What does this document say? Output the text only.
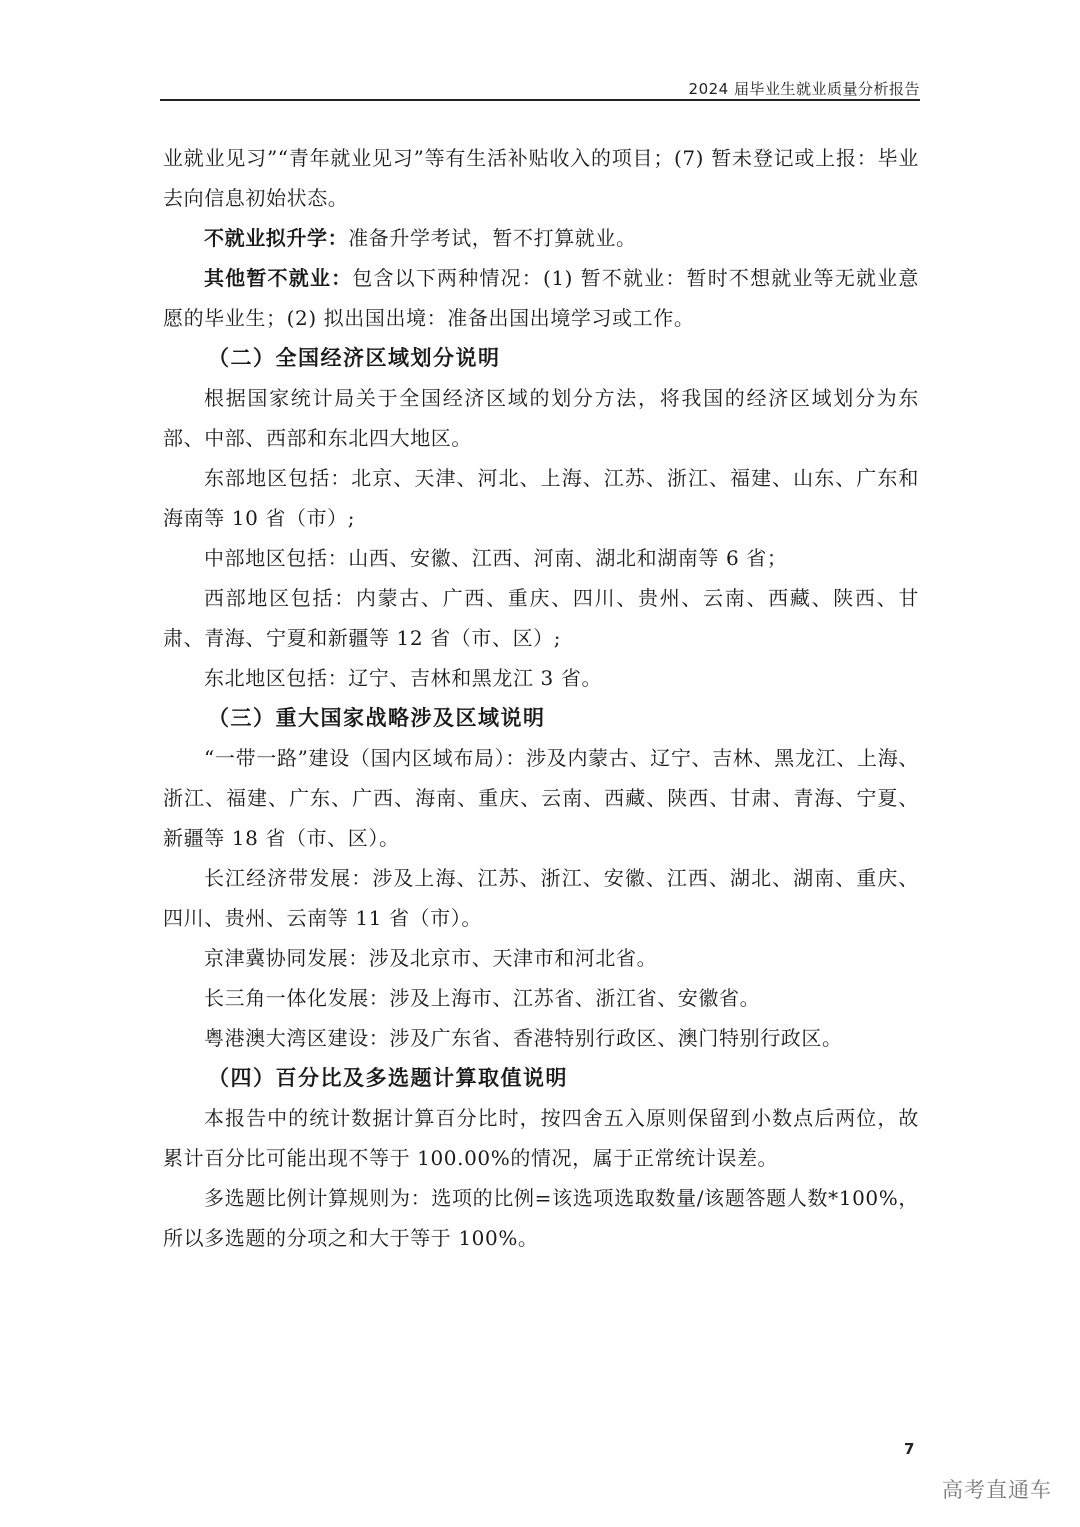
2024 届毕业生就业质量分析报告

业就业见习”“青年就业见习”等有生活补贴收入的项目；(7) 暂未登记或上报：毕业去向信息初始状态。

不就业拟升学：准备升学考试，暂不打算就业。

其他暂不就业：包含以下两种情况：(1) 暂不就业：暂时不想就业等无就业意愿的毕业生；(2) 拟出国出境：准备出国出境学习或工作。

（二）全国经济区域划分说明

根据国家统计局关于全国经济区域的划分方法，将我国的经济区域划分为东部、中部、西部和东北四大地区。

东部地区包括：北京、天津、河北、上海、江苏、浙江、福建、山东、广东和海南等 10 省（市）;

中部地区包括：山西、安徽、江西、河南、湖北和湖南等 6 省；

西部地区包括：内蒙古、广西、重庆、四川、贵州、云南、西藏、陕西、甘肃、青海、宁夏和新疆等 12 省（市、区）;

东北地区包括：辽宁、吉林和黑龙江 3 省。

（三）重大国家战略涉及区域说明

“一带一路”建设（国内区域布局）：涉及内蒙古、辽宁、吉林、黑龙江、上海、浙江、福建、广东、广西、海南、重庆、云南、西藏、陕西、甘肃、青海、宁夏、新疆等 18 省（市、区）。

长江经济带发展：涉及上海、江苏、浙江、安徽、江西、湖北、湖南、重庆、四川、贵州、云南等 11 省（市）。

京津冀协同发展：涉及北京市、天津市和河北省。

长三角一体化发展：涉及上海市、江苏省、浙江省、安徽省。

粤港澳大湾区建设：涉及广东省、香港特别行政区、澳门特别行政区。

（四）百分比及多选题计算取值说明

本报告中的统计数据计算百分比时，按四舍五入原则保留到小数点后两位，故累计百分比可能出现不等于 100.00%的情况，属于正常统计误差。

多选题比例计算规则为：选项的比例=该选项选取数量/该题答题人数*100%，所以多选题的分项之和大于等于 100%。

7
高考直通车
